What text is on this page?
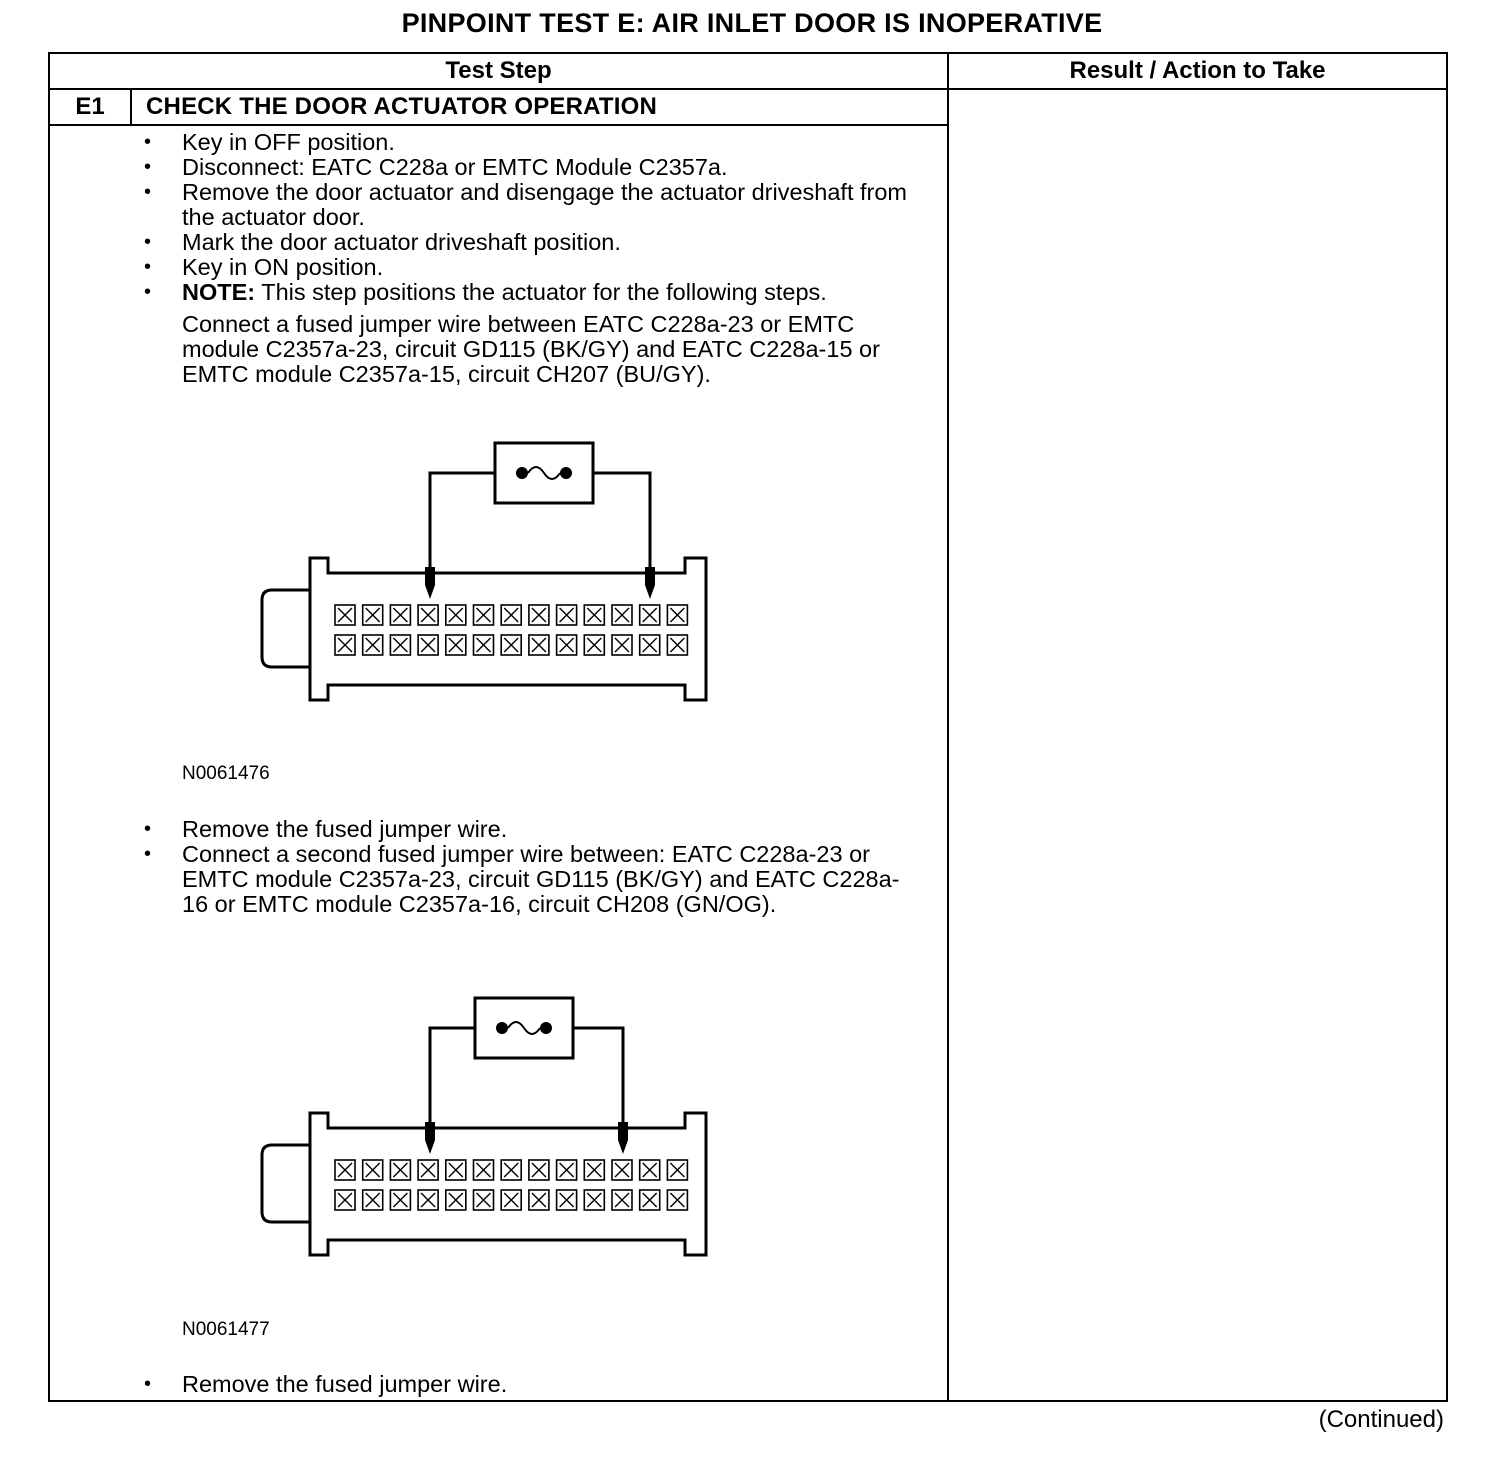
PINPOINT TEST E: AIR INLET DOOR IS INOPERATIVE
Test Step	Result / Action to Take
E1	CHECK THE DOOR ACTUATOR OPERATION
• Key in OFF position.
• Disconnect: EATC C228a or EMTC Module C2357a.
• Remove the door actuator and disengage the actuator driveshaft from the actuator door.
• Mark the door actuator driveshaft position.
• Key in ON position.
• NOTE: This step positions the actuator for the following steps.
Connect a fused jumper wire between EATC C228a-23 or EMTC module C2357a-23, circuit GD115 (BK/GY) and EATC C228a-15 or EMTC module C2357a-15, circuit CH207 (BU/GY).
N0061476
• Remove the fused jumper wire.
• Connect a second fused jumper wire between: EATC C228a-23 or EMTC module C2357a-23, circuit GD115 (BK/GY) and EATC C228a-16 or EMTC module C2357a-16, circuit CH208 (GN/OG).
N0061477
• Remove the fused jumper wire.
(Continued)
